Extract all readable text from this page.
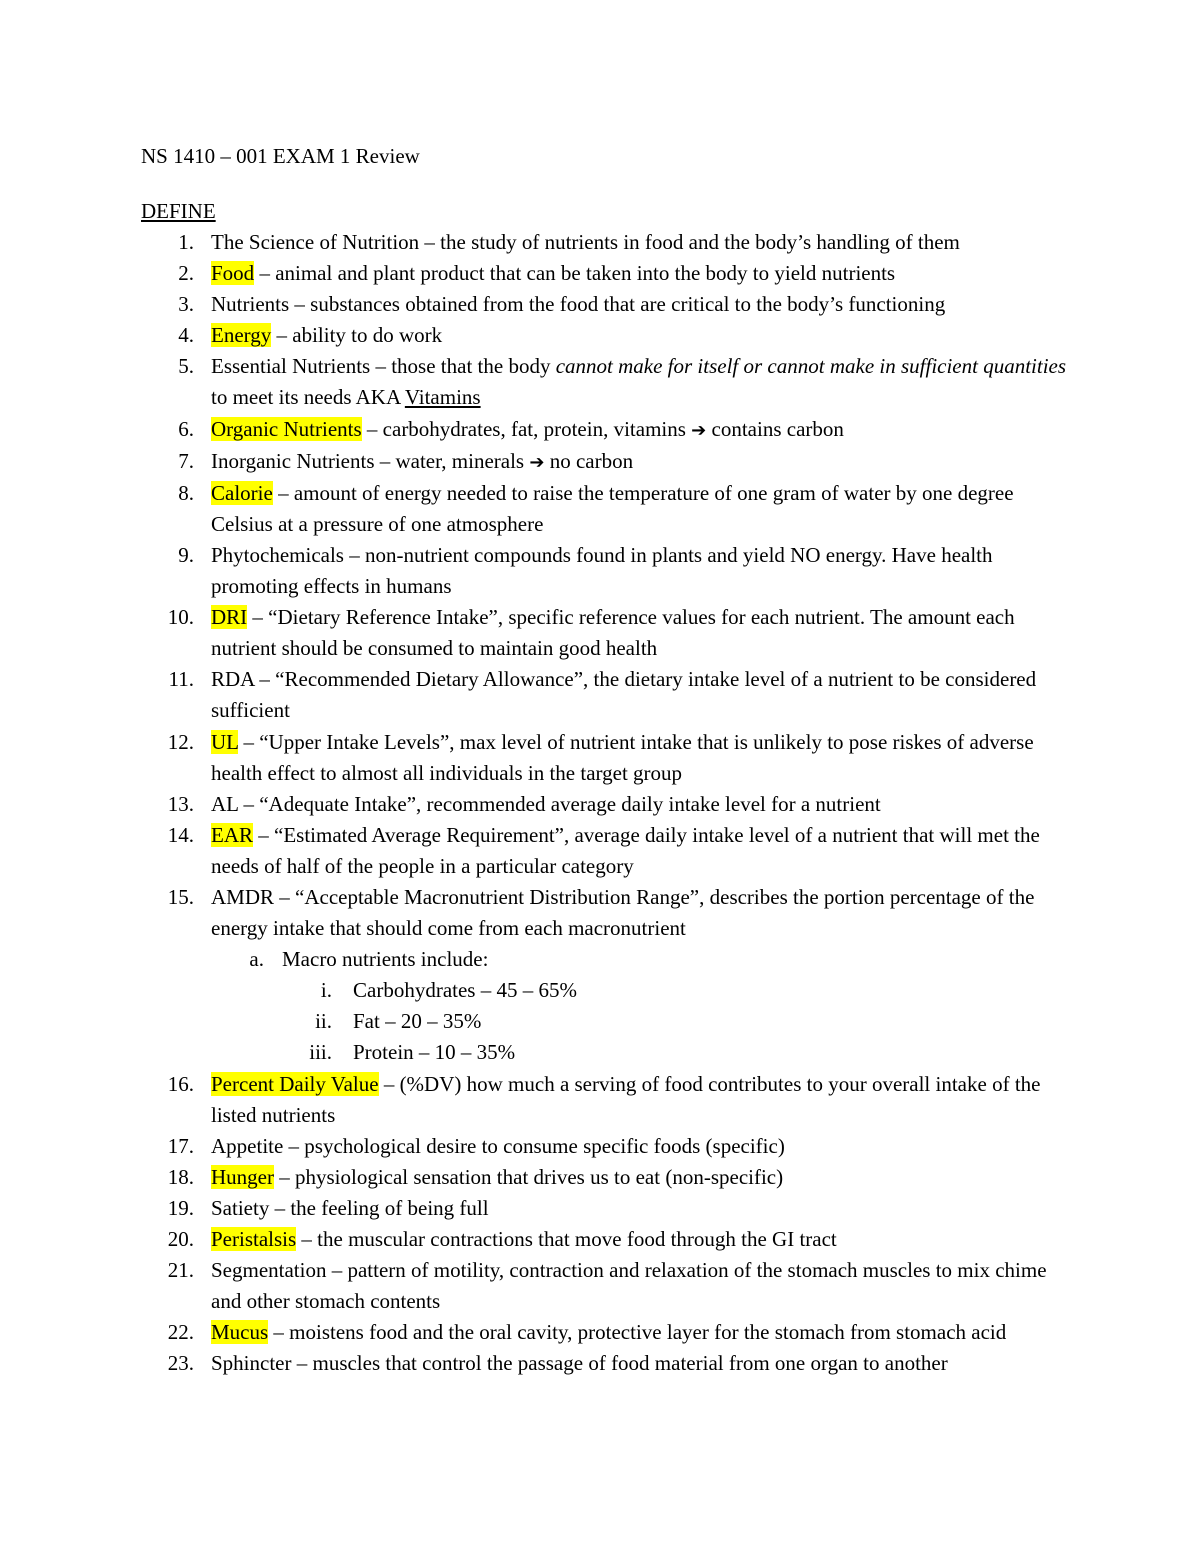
NS 1410 – 001 EXAM 1 Review
DEFINE
1. The Science of Nutrition – the study of nutrients in food and the body’s handling of them
2. Food – animal and plant product that can be taken into the body to yield nutrients
3. Nutrients – substances obtained from the food that are critical to the body’s functioning
4. Energy – ability to do work
5. Essential Nutrients – those that the body cannot make for itself or cannot make in sufficient quantities to meet its needs AKA Vitamins
6. Organic Nutrients – carbohydrates, fat, protein, vitamins ➔ contains carbon
7. Inorganic Nutrients – water, minerals ➔ no carbon
8. Calorie – amount of energy needed to raise the temperature of one gram of water by one degree Celsius at a pressure of one atmosphere
9. Phytochemicals – non-nutrient compounds found in plants and yield NO energy. Have health promoting effects in humans
10. DRI – “Dietary Reference Intake”, specific reference values for each nutrient. The amount each nutrient should be consumed to maintain good health
11. RDA – “Recommended Dietary Allowance”, the dietary intake level of a nutrient to be considered sufficient
12. UL – “Upper Intake Levels”, max level of nutrient intake that is unlikely to pose riskes of adverse health effect to almost all individuals in the target group
13. AL – “Adequate Intake”, recommended average daily intake level for a nutrient
14. EAR – “Estimated Average Requirement”, average daily intake level of a nutrient that will met the needs of half of the people in a particular category
15. AMDR – “Acceptable Macronutrient Distribution Range”, describes the portion percentage of the energy intake that should come from each macronutrient
a. Macro nutrients include:
i. Carbohydrates – 45 – 65%
ii. Fat – 20 – 35%
iii. Protein – 10 – 35%
16. Percent Daily Value – (%DV) how much a serving of food contributes to your overall intake of the listed nutrients
17. Appetite – psychological desire to consume specific foods (specific)
18. Hunger – physiological sensation that drives us to eat (non-specific)
19. Satiety – the feeling of being full
20. Peristalsis – the muscular contractions that move food through the GI tract
21. Segmentation – pattern of motility, contraction and relaxation of the stomach muscles to mix chime and other stomach contents
22. Mucus – moistens food and the oral cavity, protective layer for the stomach from stomach acid
23. Sphincter – muscles that control the passage of food material from one organ to another
